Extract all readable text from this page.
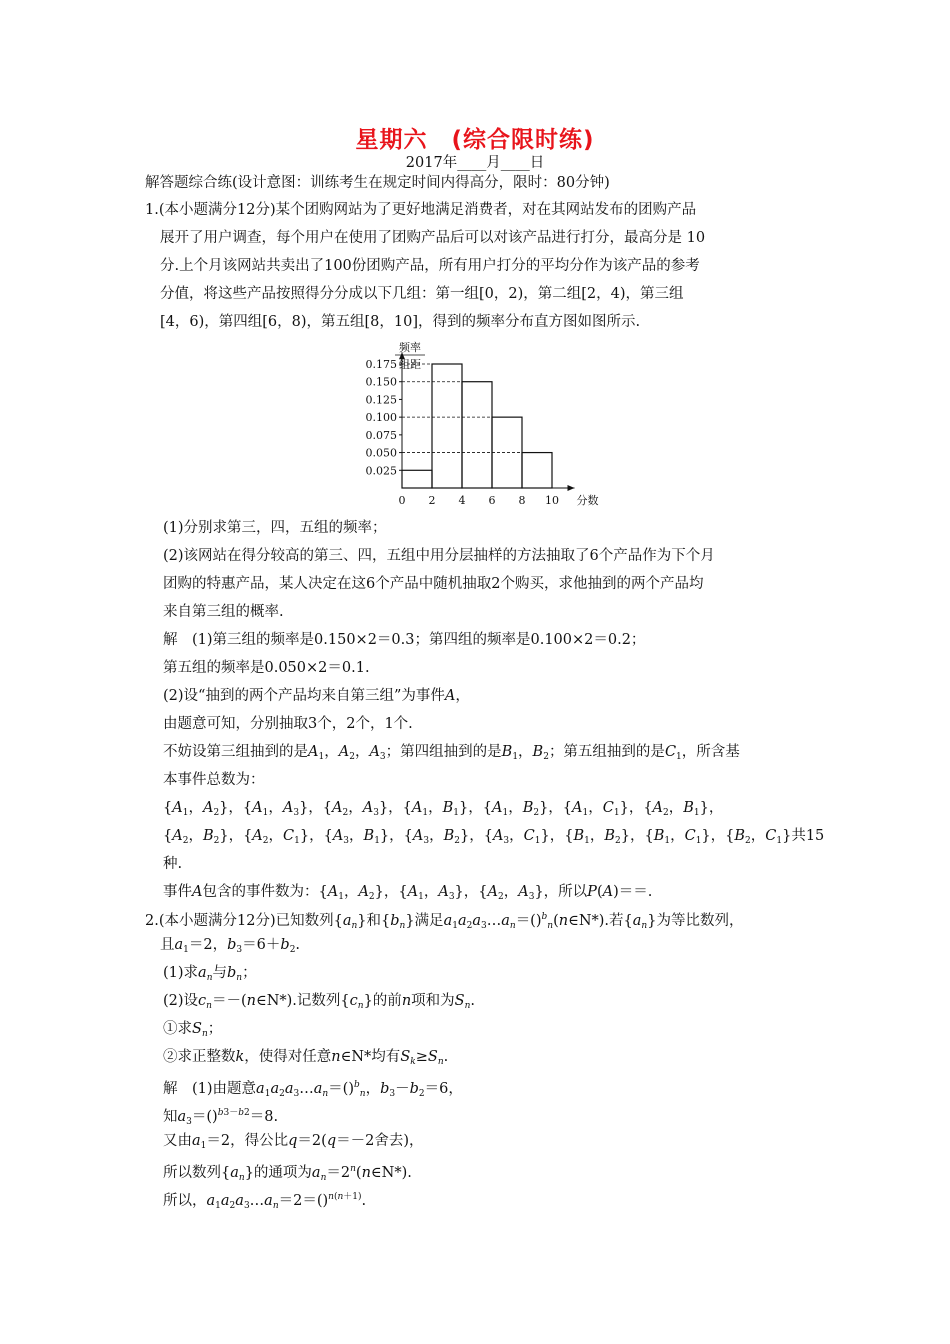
星期六　(综合限时练)
2017年____月____日
解答题综合练(设计意图：训练考生在规定时间内得高分，限时：80分钟)
1.(本小题满分12分)某个团购网站为了更好地满足消费者，对在其网站发布的团购产品
展开了用户调查，每个用户在使用了团购产品后可以对该产品进行打分，最高分是 10
分.上个月该网站共卖出了100份团购产品，所有用户打分的平均分作为该产品的参考
分值，将这些产品按照得分分成以下几组：第一组[0，2)，第二组[2，4)，第三组
[4，6)，第四组[6，8)，第五组[8，10]，得到的频率分布直方图如图所示.
0.025
0.050
0.075
0.100
0.125
0.150
0.175
0 2 4 6 8 10 分数
频率
组距
(1)分别求第三，四，五组的频率；
(2)该网站在得分较高的第三、四，五组中用分层抽样的方法抽取了6个产品作为下个月
团购的特惠产品，某人决定在这6个产品中随机抽取2个购买，求他抽到的两个产品均
来自第三组的概率.
解　(1)第三组的频率是0.150×2＝0.3；第四组的频率是0.100×2＝0.2；
第五组的频率是0.050×2＝0.1.
(2)设“抽到的两个产品均来自第三组”为事件A，
由题意可知，分别抽取3个，2个，1个.
不妨设第三组抽到的是$A_1$，$A_2$，$A_3$；第四组抽到的是$B_1$，$B_2$；第五组抽到的是$C_1$，所含基
本事件总数为：
{$A_1$，$A_2$}，{$A_1$，$A_3$}，{$A_2$，$A_3$}，{$A_1$，$B_1$}，{$A_1$，$B_2$}，{$A_1$，$C_1$}，{$A_2$，$B_1$}，
{$A_2$，$B_2$}，{$A_2$，$C_1$}，{$A_3$，$B_1$}，{$A_3$，$B_2$}，{$A_3$，$C_1$}，{$B_1$，$B_2$}，{$B_1$，$C_1$}，{$B_2$，$C_1$}共15
种.
事件A包含的事件数为：{$A_1$，$A_2$}，{$A_1$，$A_3$}，{$A_2$，$A_3$}，所以P(A)＝＝.
2.(本小题满分12分)已知数列$\{a_n\}$和$\{b_n\}$满足$a_1a_2a_3\dots a_n=()^b_n(n\in N*)$.若$\{a_n\}$为等比数列，
且$a_1=2$，$b_3=6+b_2$.
(1)求$a_n$与$b_n$；
(2)设$c_n=-(n\in N*)$.记数列$\{c_n\}$的前n项和为$S_n$.
①求$S_n$；
②求正整数k，使得对任意n∈N*均有$S_k\ge S_n$.
解　(1)由题意$a_1a_2a_3\dots a_n=()^b_n$，$b_3-b_2=6$，
知$a_3=()^{b3-b2}=8$.
又由$a_1=2$，得公比q＝2(q＝－2舍去)，
所以数列$\{a_n\}$的通项为$a_n=2^n(n\in N*)$.
所以，$a_1a_2a_3\dots a_n=2=()^{n(n+1)}$.
